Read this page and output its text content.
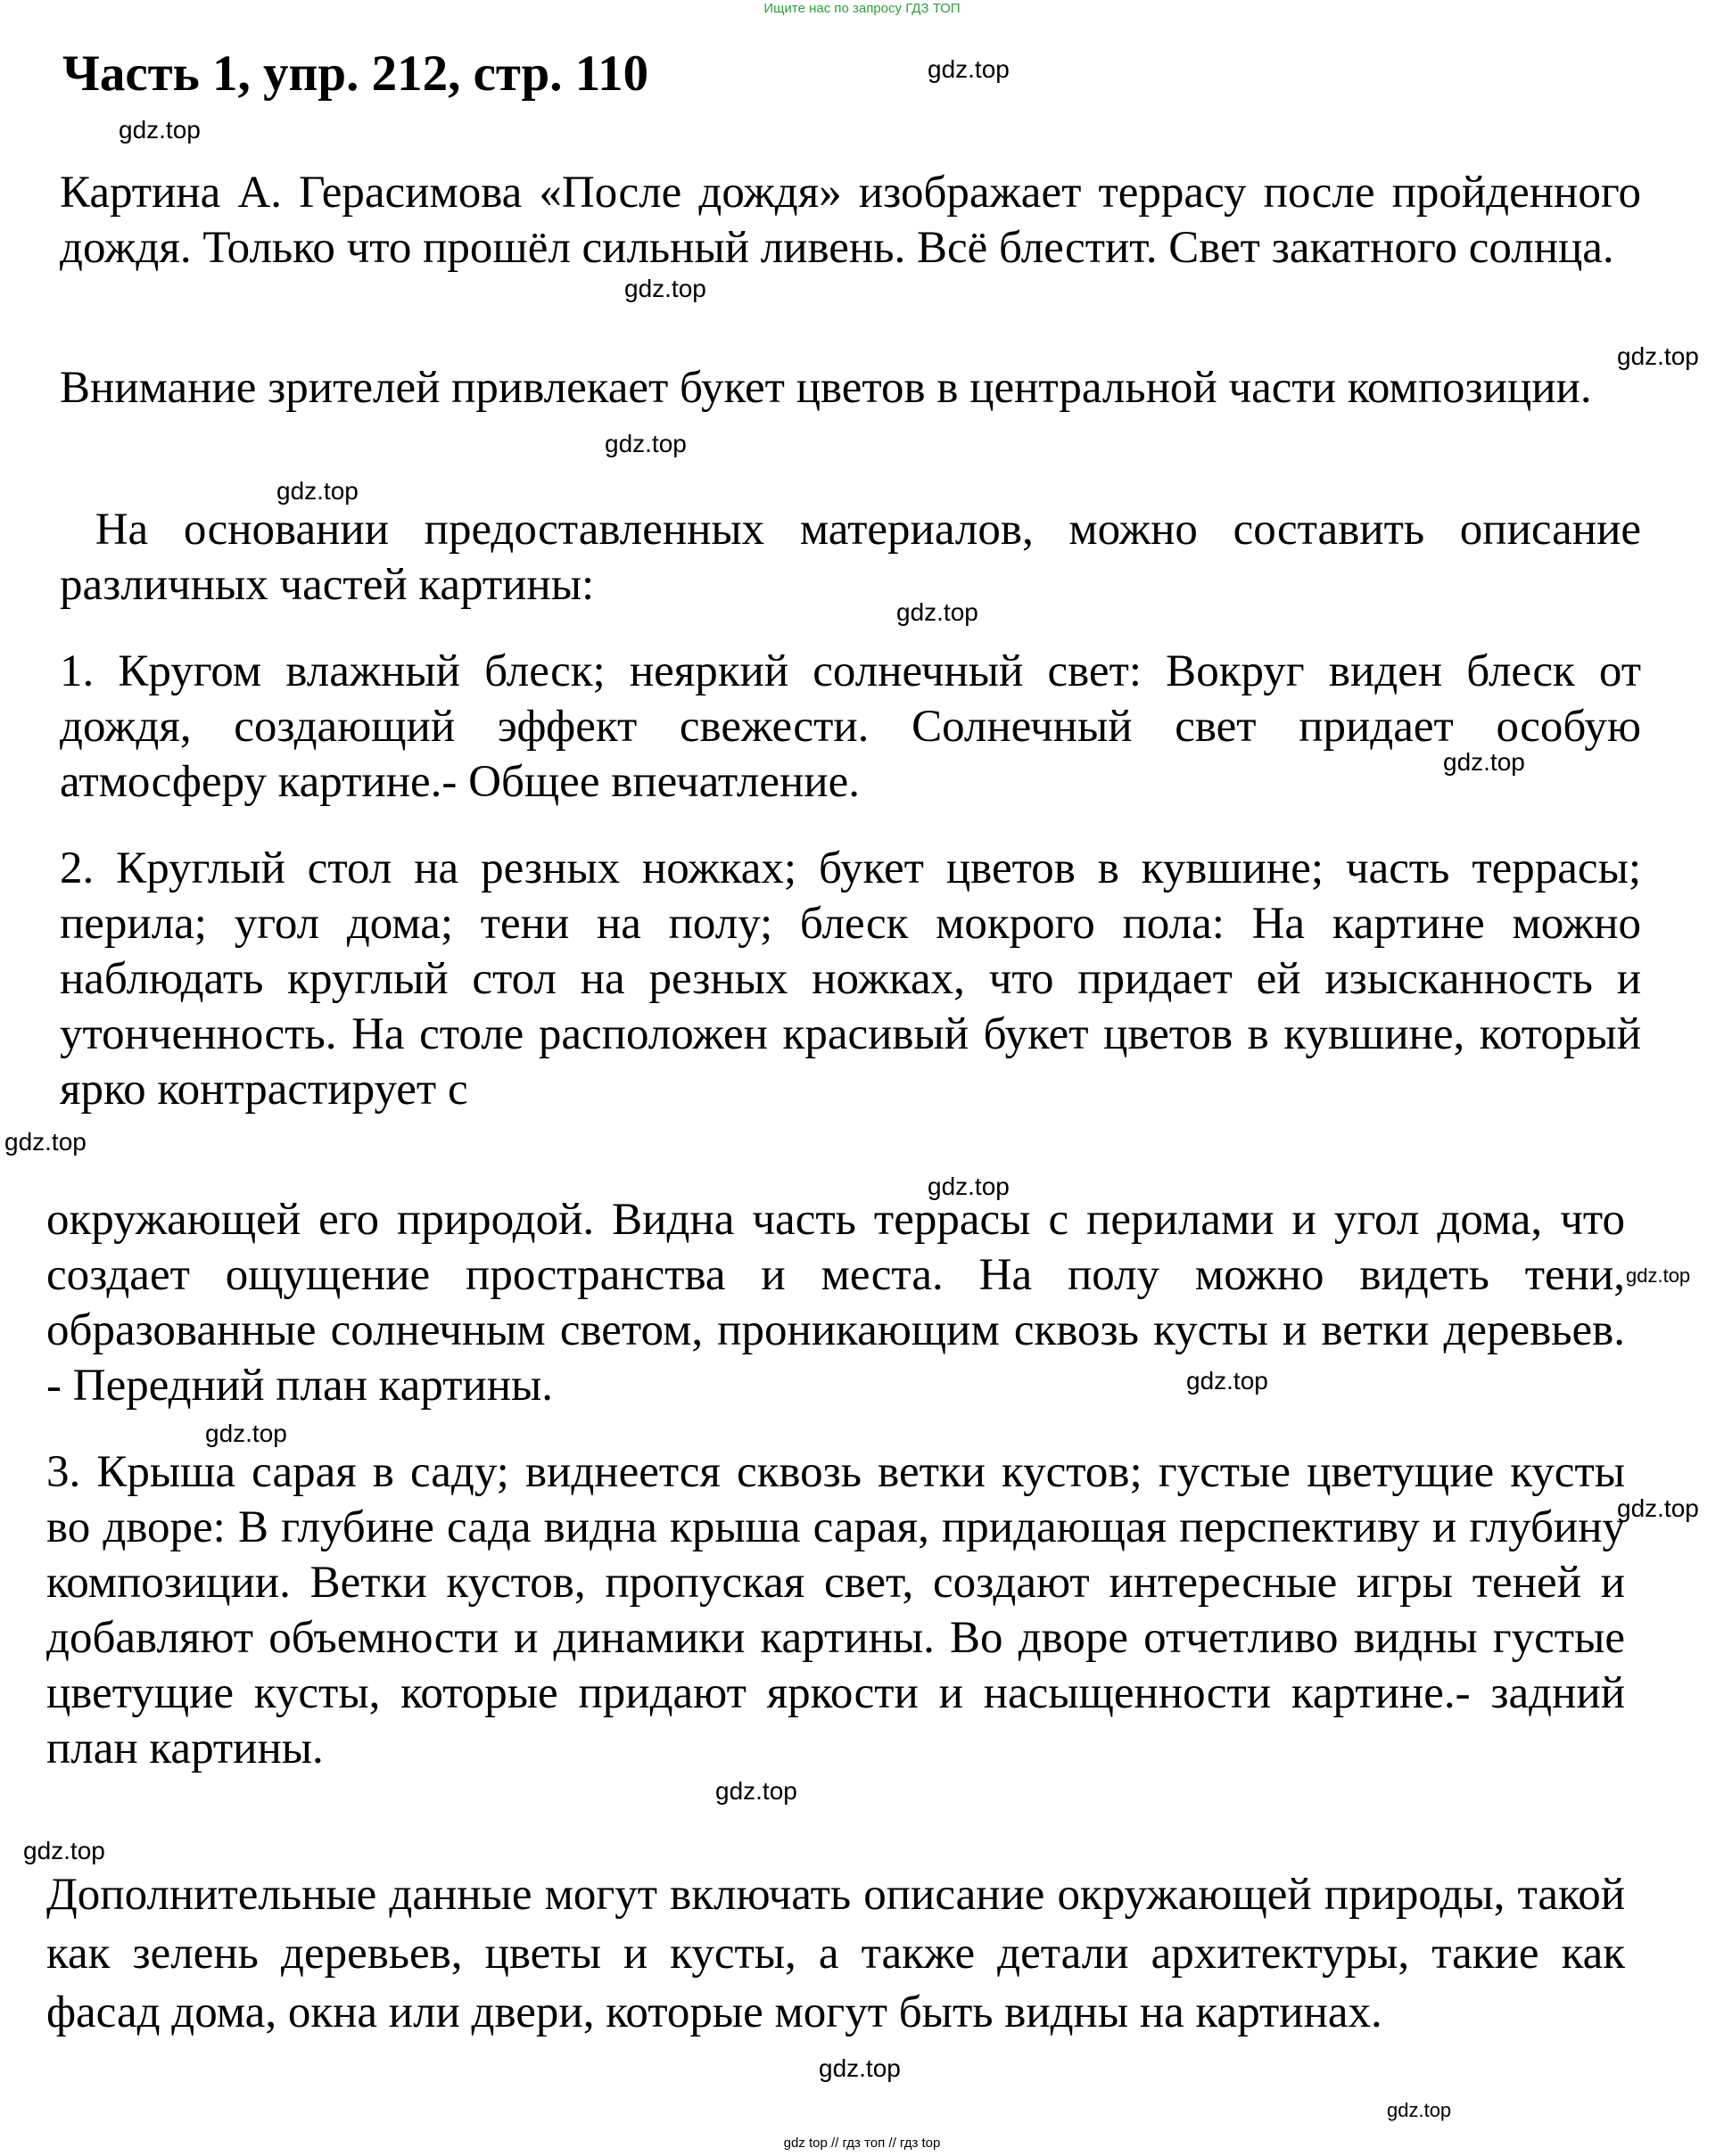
Ищите нас по запросу ГДЗ ТОП
Часть 1, упр. 212, стр. 110	gdz.top
gdz.top
gdz.top
gdz.top
gdz.top
gdz.top
gdz.top
gdz.top
gdz.top
gdz.top
gdz.top
gdz.top
gdz.top
gdz.top
gdz.top
gdz.top
gdz.top
gdz.top

Картина А. Герасимова «После дождя» изображает террасу после пройденного дождя. Только что прошёл сильный ливень. Всё блестит. Свет закатного солнца.

Внимание зрителей привлекает букет цветов в центральной части композиции.

На основании предоставленных материалов, можно составить описание различных частей картины:

1. Кругом влажный блеск; неяркий солнечный свет: Вокруг виден блеск от дождя, создающий эффект свежести. Солнечный свет придает особую атмосферу картине.- Общее впечатление.

2. Круглый стол на резных ножках; букет цветов в кувшине; часть террасы; перила; угол дома; тени на полу; блеск мокрого пола: На картине можно наблюдать круглый стол на резных ножках, что придает ей изысканность и утонченность. На столе расположен красивый букет цветов в кувшине, который ярко контрастирует с

окружающей его природой. Видна часть террасы с перилами и угол дома, что создает ощущение пространства и места. На полу можно видеть тени, образованные солнечным светом, проникающим сквозь кусты и ветки деревьев. - Передний план картины.

3. Крыша сарая в саду; виднеется сквозь ветки кустов; густые цветущие кусты во дворе: В глубине сада видна крыша сарая, придающая перспективу и глубину композиции. Ветки кустов, пропуская свет, создают интересные игры теней и добавляют объемности и динамики картины. Во дворе отчетливо видны густые цветущие кусты, которые придают яркости и насыщенности картине.- задний план картины.

Дополнительные данные могут включать описание окружающей природы, такой как зелень деревьев, цветы и кусты, а также детали архитектуры, такие как фасад дома, окна или двери, которые могут быть видны на картинах.

gdz top // гдз топ // гдз top
